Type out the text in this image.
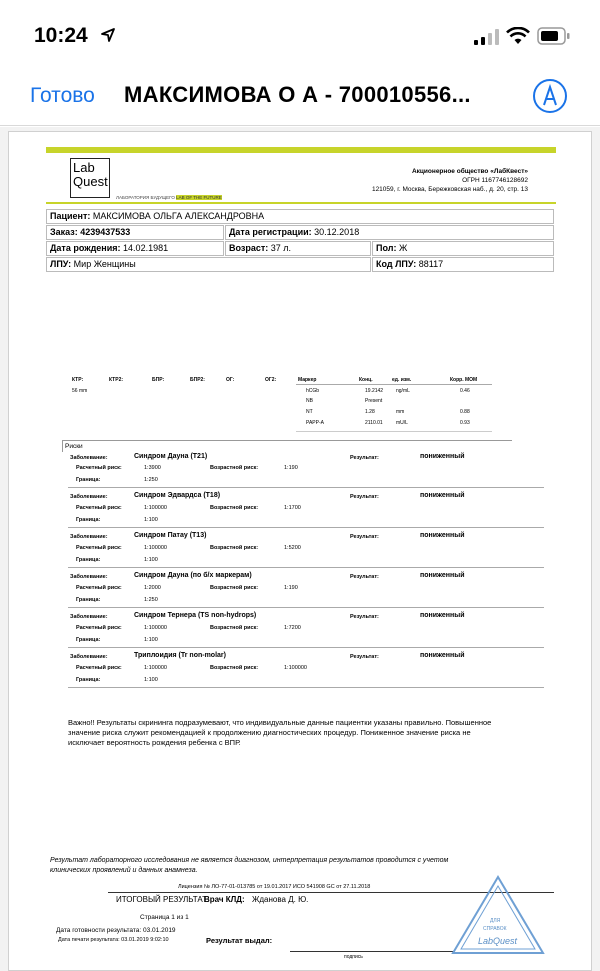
10:24
Готово МАКСИМОВА О А - 700010556...
Lab
Quest
ЛАБОРАТОРИЯ БУДУЩЕГО LAB OF THE FUTURE
Акционерное общество «ЛабКвест»
ОГРН 1167746128692
121059, г. Москва, Бережковская наб., д. 20, стр. 13
Пациент: МАКСИМОВА ОЛЬГА АЛЕКСАНДРОВНА
Заказ: 4239437533	Дата регистрации: 30.12.2018
Дата рождения: 14.02.1981	Возраст: 37 л.	Пол: Ж
ЛПУ: Мир Женщины	Код ЛПУ: 88117
КТР:	КТР2:	БПР:	БПР2:	ОГ:	ОГ2:	Маркер	Конц.	ед. изм.	Корр. МОМ
56 mm	hCGb	19.2142	ng/mL	0.46
NB	Present
NT	1.28	mm	0.88
PAPP-A	2110.01	mU/L	0.93
Риски
Заболевание:	Синдром Дауна (T21)	Результат:	пониженный
Расчетный риск:	1:3900	Возрастной риск:	1:190
Граница:	1:250
Заболевание:	Синдром Эдвардса (T18)	Результат:	пониженный
Расчетный риск:	1:100000	Возрастной риск:	1:1700
Граница:	1:100
Заболевание:	Синдром Патау (T13)	Результат:	пониженный
Расчетный риск:	1:100000	Возрастной риск:	1:5200
Граница:	1:100
Заболевание:	Синдром Дауна (по б/х маркерам)	Результат:	пониженный
Расчетный риск:	1:2000	Возрастной риск:	1:190
Граница:	1:250
Заболевание:	Синдром Тернера (TS non-hydrops)	Результат:	пониженный
Расчетный риск:	1:100000	Возрастной риск:	1:7200
Граница:	1:100
Заболевание:	Триплоидия (Tr non-molar)	Результат:	пониженный
Расчетный риск:	1:100000	Возрастной риск:	1:100000
Граница:	1:100
Важно!! Результаты скрининга подразумевают, что индивидуальные данные пациентки указаны правильно. Повышенное значение риска служит рекомендацией к продолжению диагностических процедур. Пониженное значение риска не исключает вероятность рождения ребенка с ВПР.
Результат лабораторного исследования не является диагнозом, интерпретация результатов проводится с учетом
клинических проявлений и данных анамнеза.
Лицензия № ЛО-77-01-013785 от 19.01.2017 ИСО 541908 GC от 27.11.2018
ИТОГОВЫЙ РЕЗУЛЬТАТ
Врач КЛД: Жданова Д. Ю.
Страница 1 из 1
Дата готовности результата: 03.01.2019
Дата печати результата: 03.01.2019 9:02:10	Результат выдал:
подпись
ДЛЯ
СПРАВОК
LabQuest
